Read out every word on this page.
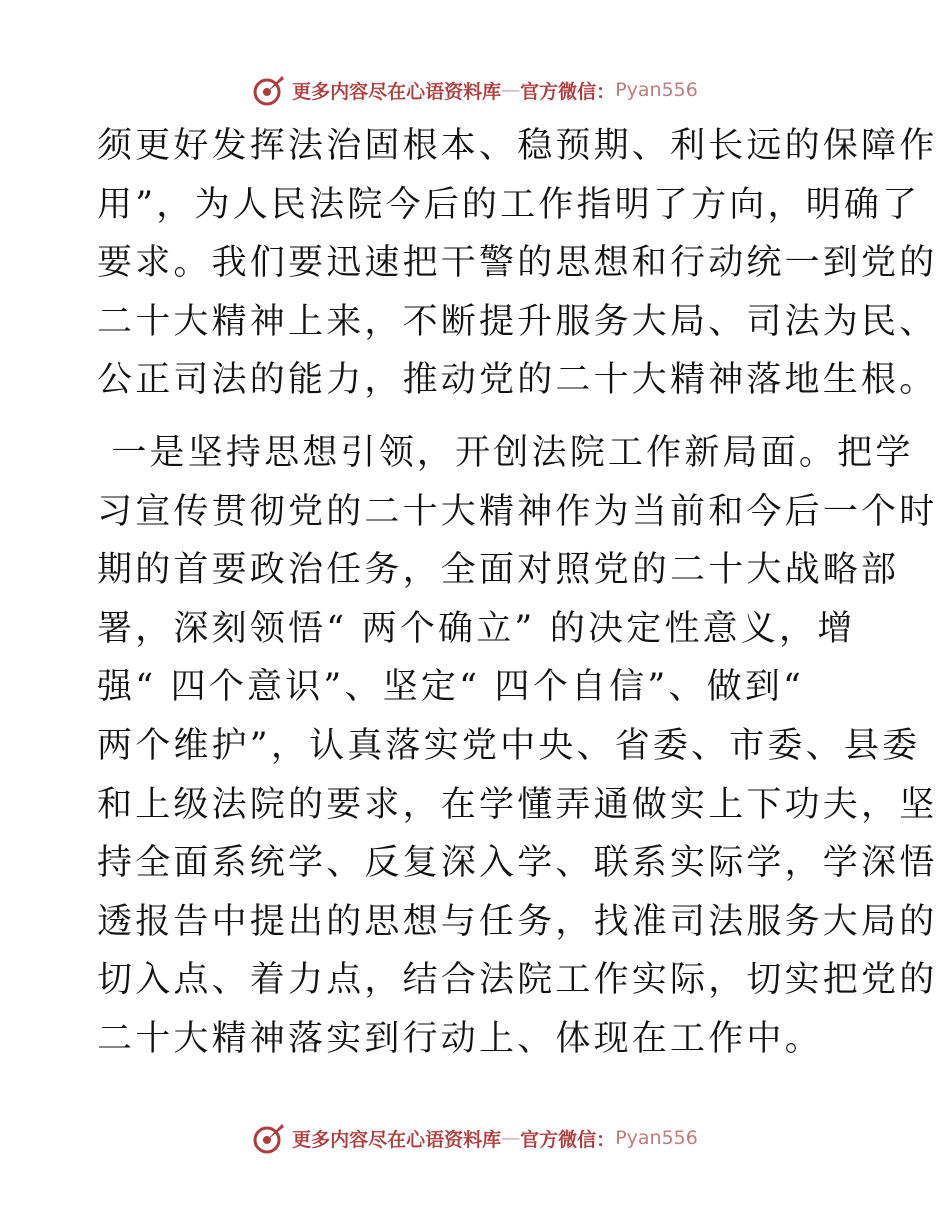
更多内容尽在心语资料库 — 官方微信： Pyan556
须更好发挥法治固根本、稳预期、利长远的保障作
用”，为人民法院今后的工作指明了方向，明确了
要求。我们要迅速把干警的思想和行动统一到党的
二十大精神上来，不断提升服务大局、司法为民、
公正司法的能力，推动党的二十大精神落地生根。
一是坚持思想引领，开创法院工作新局面。把学
习宣传贯彻党的二十大精神作为当前和今后一个时
期的首要政治任务，全面对照党的二十大战略部
署，深刻领悟“ 两个确立” 的决定性意义，增
强“ 四个意识”、坚定“ 四个自信”、做到“
两个维护”，认真落实党中央、省委、市委、县委
和上级法院的要求，在学懂弄通做实上下功夫，坚
持全面系统学、反复深入学、联系实际学，学深悟
透报告中提出的思想与任务，找准司法服务大局的
切入点、着力点，结合法院工作实际，切实把党的
二十大精神落实到行动上、体现在工作中。
更多内容尽在心语资料库 — 官方微信： Pyan556
